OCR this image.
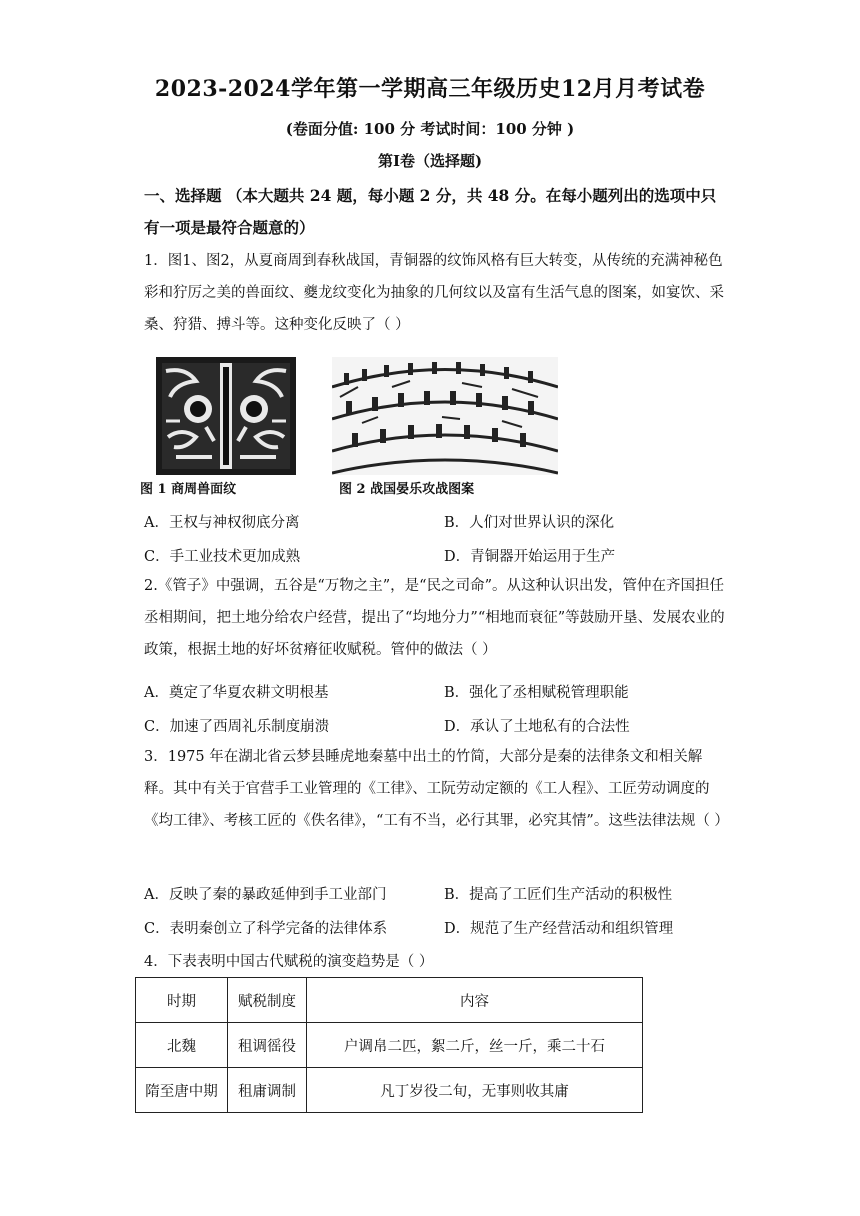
2023-2024学年第一学期高三年级历史12月月考试卷
(卷面分值: 100 分 考试时间：100 分钟 )
第Ⅰ卷（选择题)
一、选择题 （本大题共 24 题，每小题 2 分，共 48 分。在每小题列出的选项中只有一项是最符合题意的）
1．图1、图2，从夏商周到春秋战国，青铜器的纹饰风格有巨大转变，从传统的充满神秘色彩和狞厉之美的兽面纹、夔龙纹变化为抽象的几何纹以及富有生活气息的图案，如宴饮、采桑、狩猎、搏斗等。这种变化反映了（ ）
图 1 商周兽面纹	图 2 战国晏乐攻战图案
A．王权与神权彻底分离	B．人们对世界认识的深化
C．手工业技术更加成熟	D．青铜器开始运用于生产
2.《管子》中强调，五谷是“万物之主”，是“民之司命”。从这种认识出发，管仲在齐国担任丞相期间，把土地分给农户经营，提出了“均地分力”“相地而衰征”等鼓励开垦、发展农业的政策，根据土地的好坏贫瘠征收赋税。管仲的做法（ ）
A．奠定了华夏农耕文明根基	B．强化了丞相赋税管理职能
C．加速了西周礼乐制度崩溃	D．承认了土地私有的合法性
3．1975 年在湖北省云梦县睡虎地秦墓中出土的竹简，大部分是秦的法律条文和相关解释。其中有关于官营手工业管理的《工律》、工阮劳动定额的《工人程》、工匠劳动调度的《均工律》、考核工匠的《佚名律》，“工有不当，必行其罪，必究其情”。这些法律法规（ ）
A．反映了秦的暴政延伸到手工业部门	B．提高了工匠们生产活动的积极性
C．表明秦创立了科学完备的法律体系	D．规范了生产经营活动和组织管理
4．下表表明中国古代赋税的演变趋势是（ ）
时期	赋税制度	内容
北魏	租调徭役	户调帛二匹，絮二斤，丝一斤，乘二十石
隋至唐中期	租庸调制	凡丁岁役二旬，无事则收其庸
